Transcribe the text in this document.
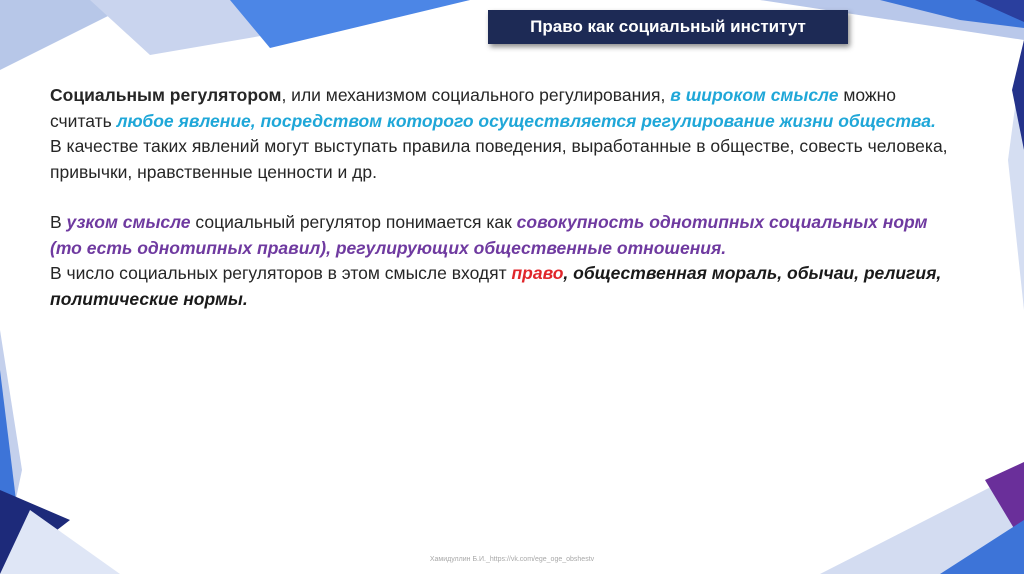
Право как социальный институт

Социальным регулятором, или механизмом социального регулирования, в широком смысле можно считать любое явление, посредством которого осуществляется регулирование жизни общества.

В качестве таких явлений могут выступать правила поведения, выработанные в обществе, совесть человека, привычки, нравственные ценности и др.

В узком смысле социальный регулятор понимается как совокупность однотипных социальных норм (то есть однотипных правил), регулирующих общественные отношения.

В число социальных регуляторов в этом смысле входят право, общественная мораль, обычаи, религия, политические нормы.

Хамидуллин Б.И._https://vk.com/ege_oge_obshestv
